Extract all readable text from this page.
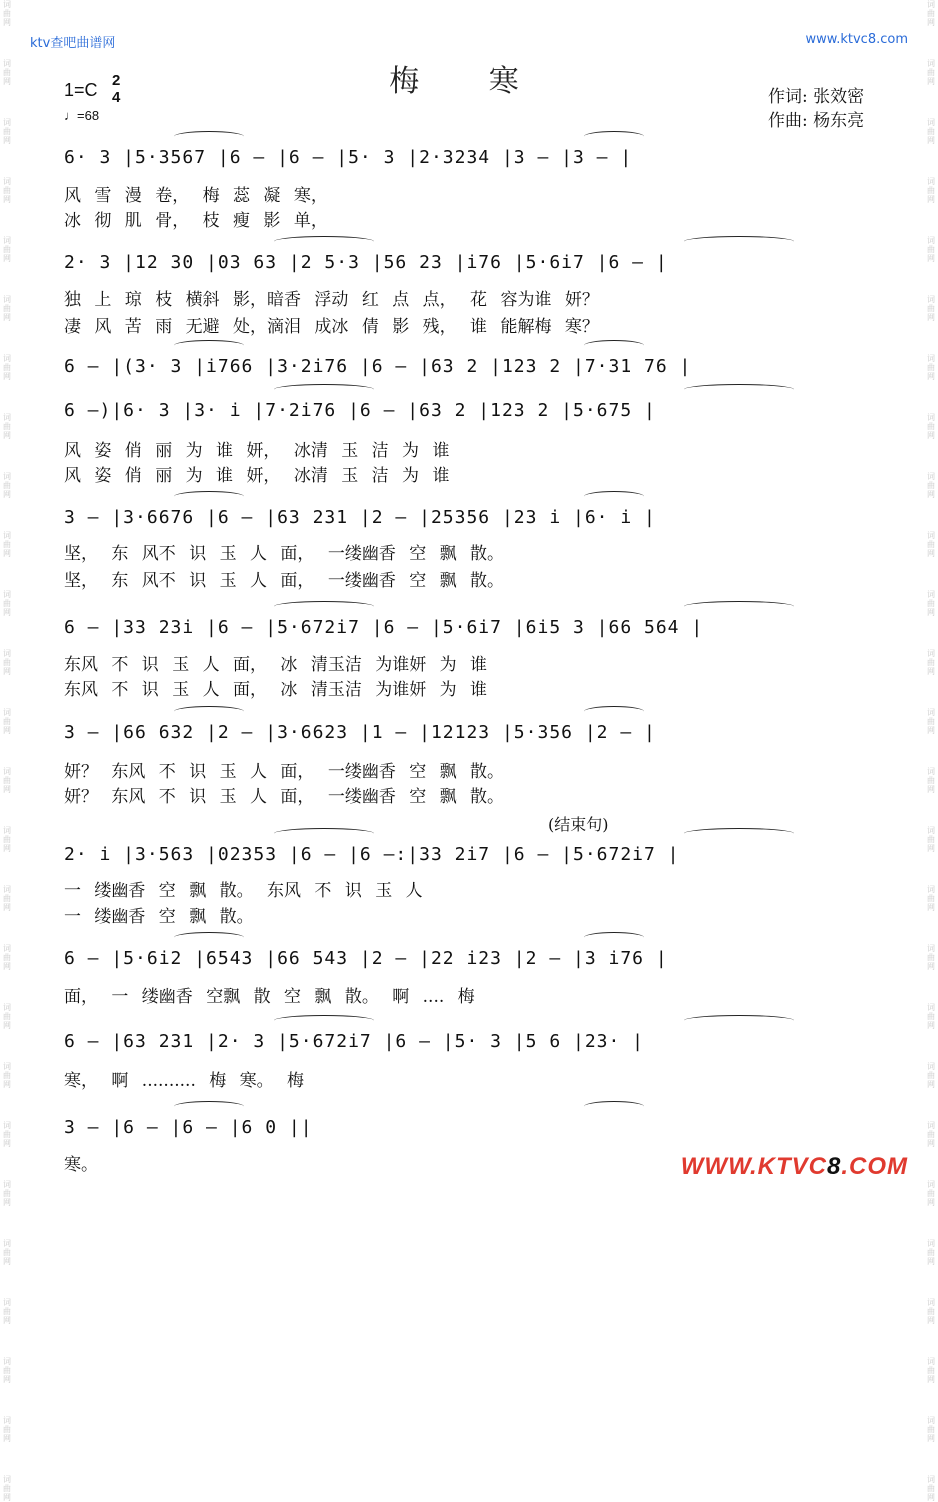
词
曲
网
词
曲
网
词
曲
网
词
曲
网
词
曲
网
词
曲
网
词
曲
网
词
曲
网
词
曲
网
词
曲
网
词
曲
网
词
曲
网
词
曲
网
词
曲
网
词
曲
网
词
曲
网
词
曲
网
词
曲
网
词
曲
网
词
曲
网
词
曲
网
词
曲
网
词
曲
网
词
曲
网
词
曲
网
词
曲
网
词
曲
网
词
曲
网
词
曲
网
词
曲
网
词
曲
网
词
曲
网
词
曲
网
词
曲
网
词
曲
网
词
曲
网
词
曲
网
词
曲
网
词
曲
网
词
曲
网
词
曲
网
词
曲
网
词
曲
网
词
曲
网
词
曲
网
词
曲
网
词
曲
网
词
曲
网
词
曲
网
词
曲
网
词
曲
网
词
曲
网
ktv查吧曲谱网	www.ktvc8.com
梅 寒
1=C 2
4
♩=68
作词: 张效密
作曲: 杨东亮
6· 3 |5·3567 |6 – |6 – |5· 3 |2·3234 |3 – |3 – |
风 雪 漫 卷， 梅 蕊 凝 寒，
冰 彻 肌 骨， 枝 瘦 影 单，
2· 3 |12 30 |03 63 |2 5·3 |56 23 |i76 |5·6i7 |6 – |
独 上 琼 枝 横斜 影，暗香 浮动 红 点 点， 花 容为谁 妍？
凄 风 苦 雨 无避 处，滴泪 成冰 倩 影 残， 谁 能解梅 寒？
6 – |(3· 3 |i766 |3·2i76 |6 – |63 2 |123 2 |7·31 76 |
6 –)|6· 3 |3· i |7·2i76 |6 – |63 2 |123 2 |5·675 |
风 姿 俏 丽 为 谁 妍， 冰清 玉 洁 为 谁
风 姿 俏 丽 为 谁 妍， 冰清 玉 洁 为 谁
3 – |3·6676 |6 – |63 231 |2 – |25356 |23 i |6· i |
坚， 东 风不 识 玉 人 面， 一缕幽香 空 飘 散。
坚， 东 风不 识 玉 人 面， 一缕幽香 空 飘 散。
6 – |33 23i |6 – |5·672i7 |6 – |5·6i7 |6i5 3 |66 564 |
东风 不 识 玉 人 面， 冰 清玉洁 为谁妍 为 谁
东风 不 识 玉 人 面， 冰 清玉洁 为谁妍 为 谁
3 – |66 632 |2 – |3·6623 |1 – |12123 |5·356 |2 – |
妍？ 东风 不 识 玉 人 面， 一缕幽香 空 飘 散。
妍？ 东风 不 识 玉 人 面， 一缕幽香 空 飘 散。
2· i |3·563 |02353 |6 – |6 –:|33 2i7 |6 – |5·672i7 |
(结束句)
一 缕幽香 空 飘 散。 东风 不 识 玉 人
一 缕幽香 空 飘 散。
6 – |5·6i2 |6543 |66 543 |2 – |22 i23 |2 – |3 i76 |
面， 一 缕幽香 空飘 散 空 飘 散。 啊 .... 梅
6 – |63 231 |2· 3 |5·672i7 |6 – |5· 3 |5 6 |23· |
寒， 啊 .......... 梅 寒。 梅
3 – |6 – |6 – |6 0 ||
寒。	WWW.KTVC8.COM
